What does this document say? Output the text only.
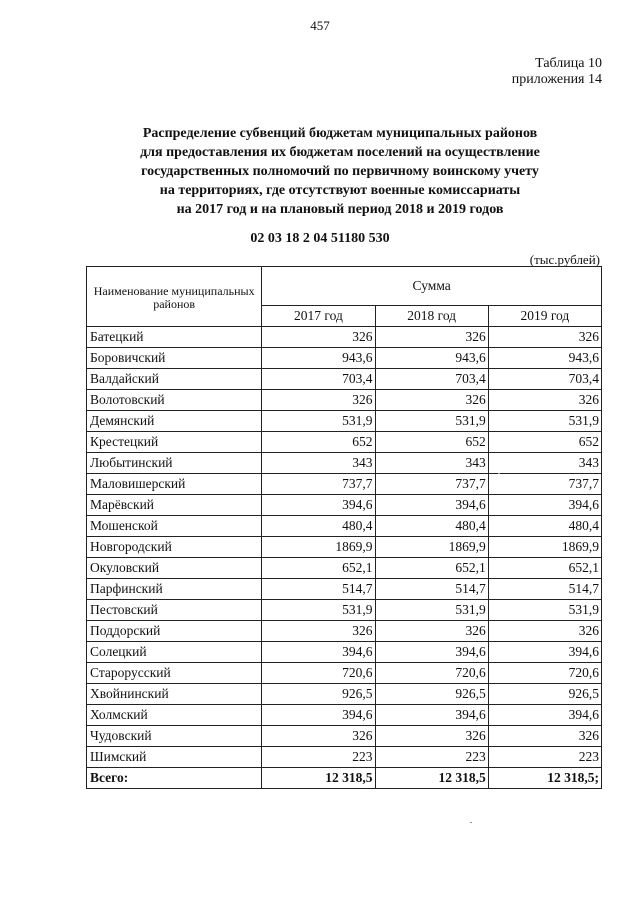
457
Таблица 10
приложения 14
Распределение субвенций бюджетам муниципальных районов
для предоставления их бюджетам поселений на осуществление
государственных полномочий по первичному воинскому учету
на территориях, где отсутствуют военные комиссариаты
на 2017 год и на плановый период 2018 и 2019 годов
02 03 18 2 04 51180 530
(тыс.рублей)
Наименование муниципальных районов	Сумма		
	2017 год	2018 год	2019 год
Батецкий	326	326	326
Боровичский	943,6	943,6	943,6
Валдайский	703,4	703,4	703,4
Волотовский	326	326	326
Демянский	531,9	531,9	531,9
Крестецкий	652	652	652
Любытинский	343	343	343
Маловишерский	737,7	737,7	737,7
Марёвский	394,6	394,6	394,6
Мошенской	480,4	480,4	480,4
Новгородский	1869,9	1869,9	1869,9
Окуловский	652,1	652,1	652,1
Парфинский	514,7	514,7	514,7
Пестовский	531,9	531,9	531,9
Поддорский	326	326	326
Солецкий	394,6	394,6	394,6
Старорусский	720,6	720,6	720,6
Хвойнинский	926,5	926,5	926,5
Холмский	394,6	394,6	394,6
Чудовский	326	326	326
Шимский	223	223	223
Всего:	12 318,5	12 318,5	12 318,5;
